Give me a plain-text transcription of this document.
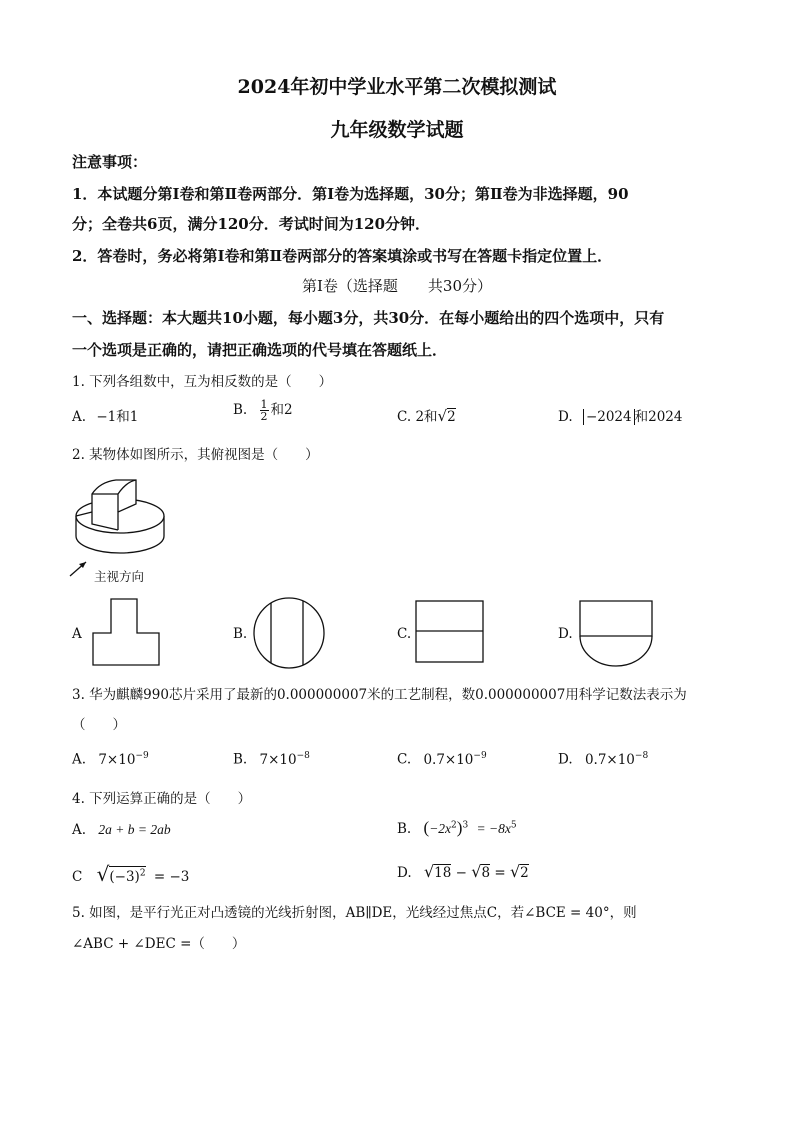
2024年初中学业水平第二次模拟测试
九年级数学试题
注意事项：
1．本试题分第Ⅰ卷和第Ⅱ卷两部分．第Ⅰ卷为选择题，30分；第Ⅱ卷为非选择题，90
分；全卷共6页，满分120分．考试时间为120分钟．
2．答卷时，务必将第Ⅰ卷和第Ⅱ卷两部分的答案填涂或书写在答题卡指定位置上．
第Ⅰ卷（选择题　　共30分）
一、选择题：本大题共10小题，每小题3分，共30分．在每小题给出的四个选项中，只有
一个选项是正确的，请把正确选项的代号填在答题纸上．
1. 下列各组数中，互为相反数的是（　　）
A. −1和1	B. $\frac{1}{2}$ 和2	C. 2和√2	D. −2024 和2024
2. 某物体如图所示，其俯视图是（　　）
主视方向
A	B.	C.	D.
3. 华为麒麟990芯片采用了最新的0.000000007米的工艺制程，数0.000000007用科学记数法表示为
（　　）
A. $7\times 10^{-9}$	B. $7\times 10^{-8}$	C. $0.7\times 10^{-9}$	D. $0.7\times 10^{-8}$
4. 下列运算正确的是（　　）
A. 2a + b = 2ab	B. $(-2x^2)^3 = -8x^5$
C $√(-3)^2 = -3$	D. √18 − √8 = √2
5. 如图，是平行光正对凸透镜的光线折射图，AB∥DE，光线经过焦点C，若∠BCE = 40°，则
∠ABC + ∠DEC =（　　）
